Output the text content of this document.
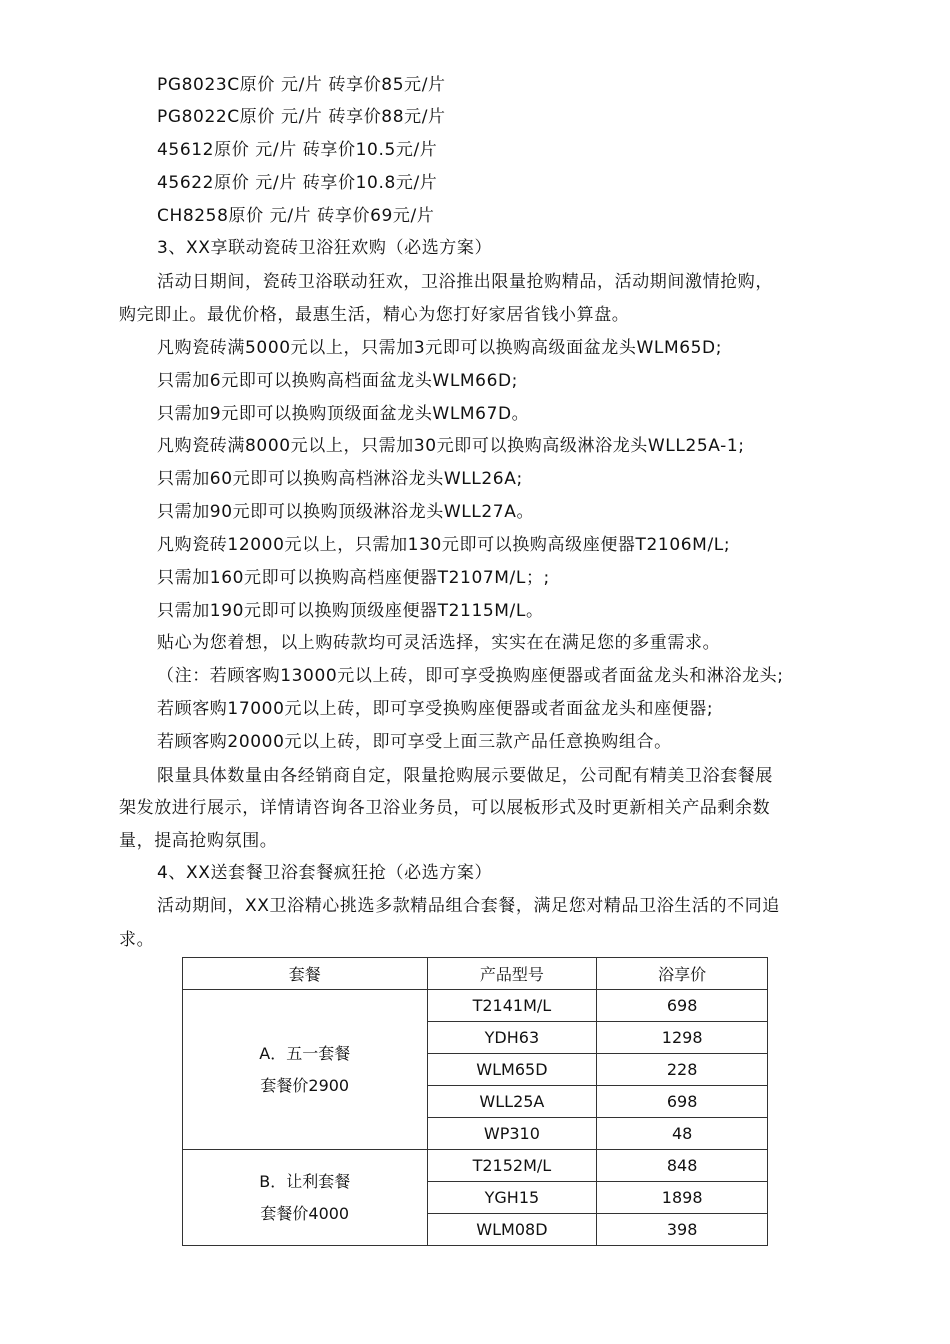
PG8023C原价 元/片 砖享价85元/片
PG8022C原价 元/片 砖享价88元/片
45612原价 元/片 砖享价10.5元/片
45622原价 元/片 砖享价10.8元/片
CH8258原价 元/片 砖享价69元/片
3、XX享联动瓷砖卫浴狂欢购（必选方案）
活动日期间，瓷砖卫浴联动狂欢，卫浴推出限量抢购精品，活动期间激情抢购，
购完即止。最优价格，最惠生活，精心为您打好家居省钱小算盘。
凡购瓷砖满5000元以上，只需加3元即可以换购高级面盆龙头WLM65D;
只需加6元即可以换购高档面盆龙头WLM66D;
只需加9元即可以换购顶级面盆龙头WLM67D。
凡购瓷砖满8000元以上，只需加30元即可以换购高级淋浴龙头WLL25A-1;
只需加60元即可以换购高档淋浴龙头WLL26A;
只需加90元即可以换购顶级淋浴龙头WLL27A。
凡购瓷砖12000元以上，只需加130元即可以换购高级座便器T2106M/L;
只需加160元即可以换购高档座便器T2107M/L；;
只需加190元即可以换购顶级座便器T2115M/L。
贴心为您着想，以上购砖款均可灵活选择，实实在在满足您的多重需求。
（注：若顾客购13000元以上砖，即可享受换购座便器或者面盆龙头和淋浴龙头;
若顾客购17000元以上砖，即可享受换购座便器或者面盆龙头和座便器;
若顾客购20000元以上砖，即可享受上面三款产品任意换购组合。
限量具体数量由各经销商自定，限量抢购展示要做足，公司配有精美卫浴套餐展
架发放进行展示，详情请咨询各卫浴业务员，可以展板形式及时更新相关产品剩余数
量，提高抢购氛围。
4、XX送套餐卫浴套餐疯狂抢（必选方案）
活动期间，XX卫浴精心挑选多款精品组合套餐，满足您对精品卫浴生活的不同追
求。
套餐	产品型号	浴享价

A．五一套餐
套餐价2900	T2141M/L	698
	YDH63	1298
	WLM65D	228
	WLL25A	698
	WP310	48

B．让利套餐
套餐价4000	T2152M/L	848
	YGH15	1898
	WLM08D	398
